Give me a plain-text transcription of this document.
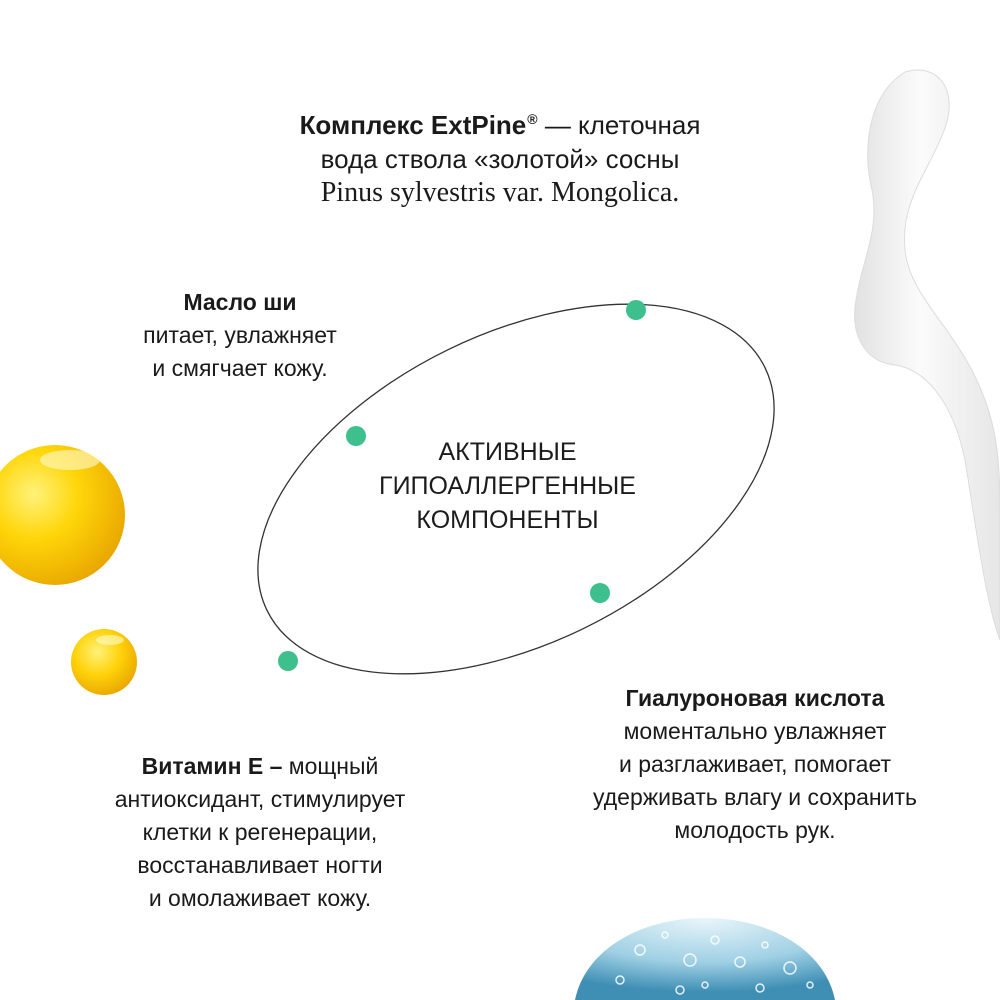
Комплекс ExtPine® — клеточная
вода ствола «золотой» сосны
Pinus sylvestris var. Mongolica.
Масло ши
питает, увлажняет
и смягчает кожу.
АКТИВНЫЕ
ГИПОАЛЛЕРГЕННЫЕ
КОМПОНЕНТЫ
Витамин Е – мощный
антиоксидант, стимулирует
клетки к регенерации,
восстанавливает ногти
и омолаживает кожу.
Гиалуроновая кислота
моментально увлажняет
и разглаживает, помогает
удерживать влагу и сохранить
молодость рук.
